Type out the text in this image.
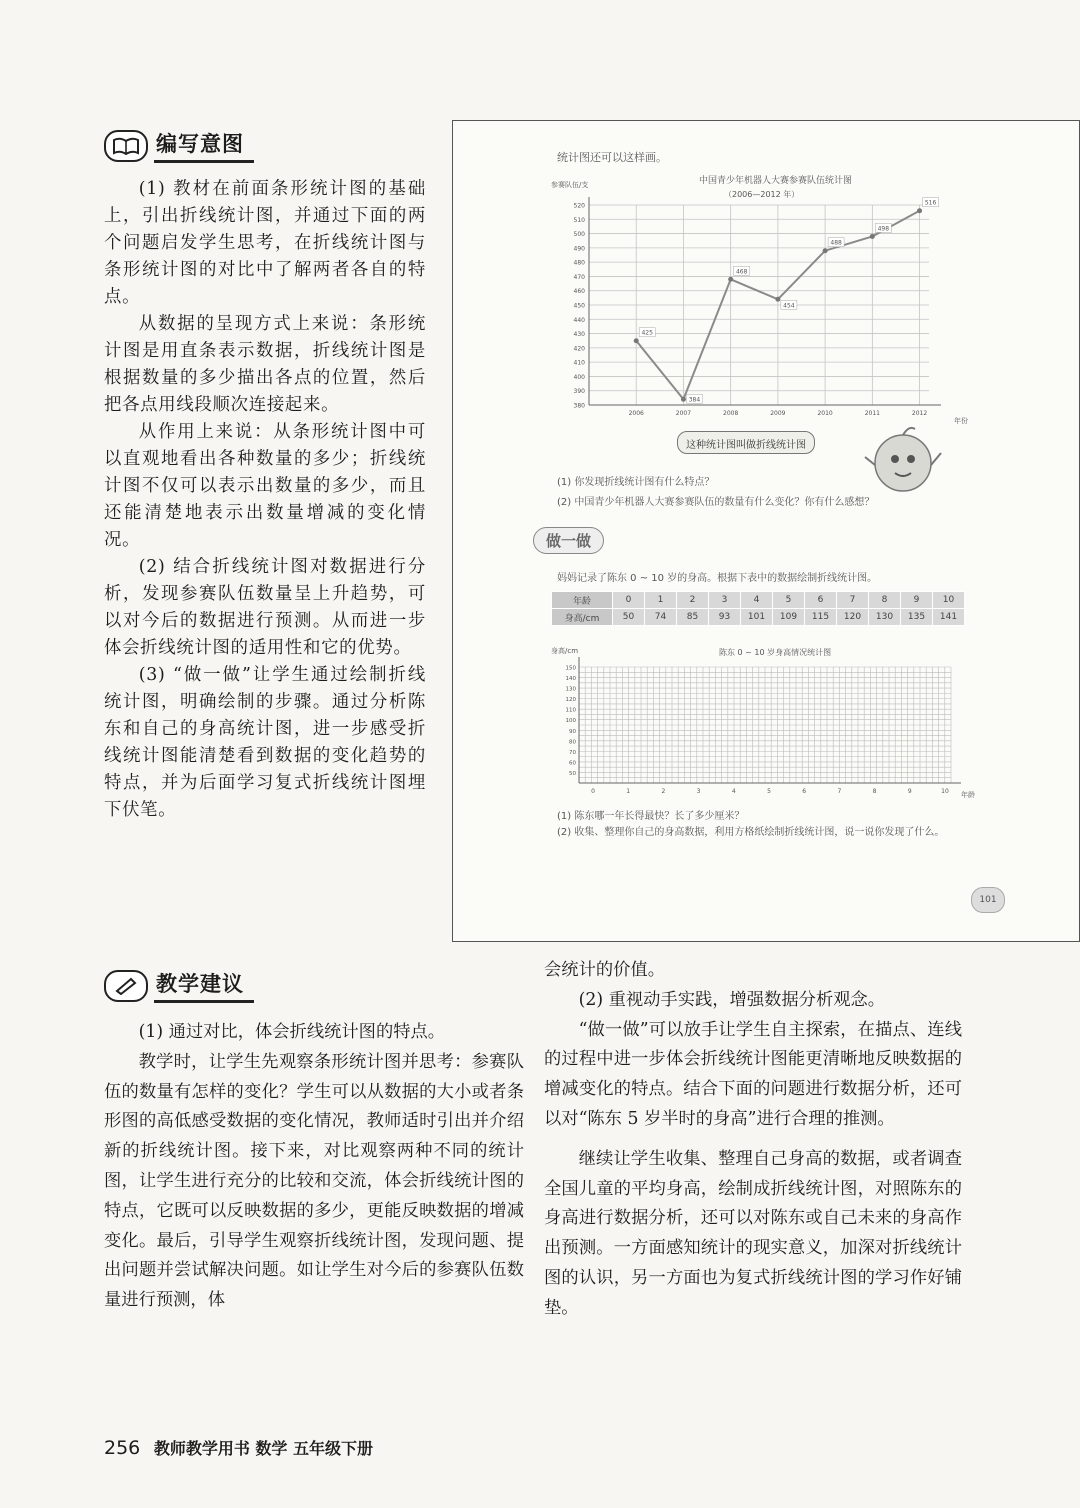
编写意图

(1) 教材在前面条形统计图的基础上，引出折线统计图，并通过下面的两个问题启发学生思考，在折线统计图与条形统计图的对比中了解两者各自的特点。

从数据的呈现方式上来说：条形统计图是用直条表示数据，折线统计图是根据数量的多少描出各点的位置，然后把各点用线段顺次连接起来。

从作用上来说：从条形统计图中可以直观地看出各种数量的多少；折线统计图不仅可以表示出数量的多少，而且还能清楚地表示出数量增减的变化情况。

(2) 结合折线统计图对数据进行分析，发现参赛队伍数量呈上升趋势，可以对今后的数据进行预测。从而进一步体会折线统计图的适用性和它的优势。

(3) “做一做”让学生通过绘制折线统计图，明确绘制的步骤。通过分析陈东和自己的身高统计图，进一步感受折线统计图能清楚看到数据的变化趋势的特点，并为后面学习复式折线统计图埋下伏笔。

统计图还可以这样画。
中国青少年机器人大赛参赛队伍统计图
（2006—2012 年）
参赛队伍/支
年份
380
390
400
410
420
430
440
450
460
470
480
490
500
510
520
2006	2007	2008	2009	2010	2011	2012
425
384
468
454
488
498
516
这种统计图叫做折线统计图
(1) 你发现折线统计图有什么特点？
(2) 中国青少年机器人大赛参赛队伍的数量有什么变化？你有什么感想？
做一做
妈妈记录了陈东 0 ~ 10 岁的身高。根据下表中的数据绘制折线统计图。
年龄	0	1	2	3	4	5	6	7	8	9	10
身高/cm	50	74	85	93	101	109	115	120	130	135	141
身高/cm	陈东 0 ~ 10 岁身高情况统计图
年龄
150
140
130
120
110
100
90
80
70
60
50
0	1	2	3	4	5	6	7	8	9	10
(1) 陈东哪一年长得最快？长了多少厘米？
(2) 收集、整理你自己的身高数据，利用方格纸绘制折线统计图，说一说你发现了什么。
101
教学建议

(1) 通过对比，体会折线统计图的特点。

教学时，让学生先观察条形统计图并思考：参赛队伍的数量有怎样的变化？学生可以从数据的大小或者条形图的高低感受数据的变化情况，教师适时引出并介绍新的折线统计图。接下来，对比观察两种不同的统计图，让学生进行充分的比较和交流，体会折线统计图的特点，它既可以反映数据的多少，更能反映数据的增减变化。最后，引导学生观察折线统计图，发现问题、提出问题并尝试解决问题。如让学生对今后的参赛队伍数量进行预测，体

会统计的价值。

(2) 重视动手实践，增强数据分析观念。

“做一做”可以放手让学生自主探索，在描点、连线的过程中进一步体会折线统计图能更清晰地反映数据的增减变化的特点。结合下面的问题进行数据分析，还可以对“陈东 5 岁半时的身高”进行合理的推测。

继续让学生收集、整理自己身高的数据，或者调查全国儿童的平均身高，绘制成折线统计图，对照陈东的身高进行数据分析，还可以对陈东或自己未来的身高作出预测。一方面感知统计的现实意义，加深对折线统计图的认识，另一方面也为复式折线统计图的学习作好铺垫。

256 教师教学用书 数学 五年级下册
